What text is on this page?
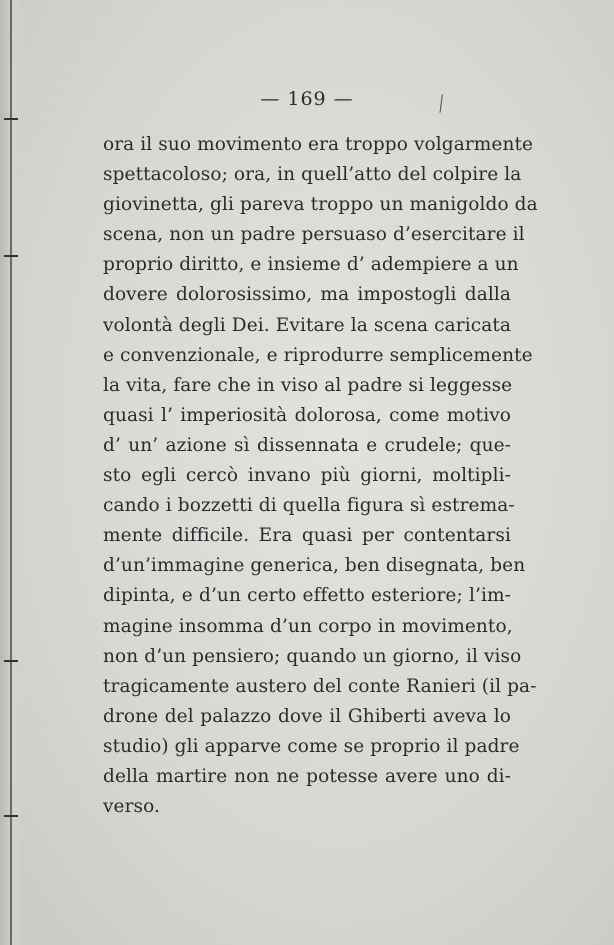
— 169 —	╱
ora il suo movimento era troppo volgarmente
spettacoloso; ora, in quell’atto del colpire la
giovinetta, gli pareva troppo un manigoldo da
scena, non un padre persuaso d’esercitare il
proprio diritto, e insieme d’ adempiere a un
dovere dolorosissimo, ma impostogli dalla
volontà degli Dei. Evitare la scena caricata
e convenzionale, e riprodurre semplicemente
la vita, fare che in viso al padre si leggesse
quasi l’ imperiosità dolorosa, come motivo
d’ un’ azione sì dissennata e crudele; que-
sto egli cercò invano più giorni, moltipli-
cando i bozzetti di quella figura sì estrema-
mente difficile. Era quasi per contentarsi
d’un’immagine generica, ben disegnata, ben
dipinta, e d’un certo effetto esteriore; l’im-
magine insomma d’un corpo in movimento,
non d’un pensiero; quando un giorno, il viso
tragicamente austero del conte Ranieri (il pa-
drone del palazzo dove il Ghiberti aveva lo
studio) gli apparve come se proprio il padre
della martire non ne potesse avere uno di-
verso.
